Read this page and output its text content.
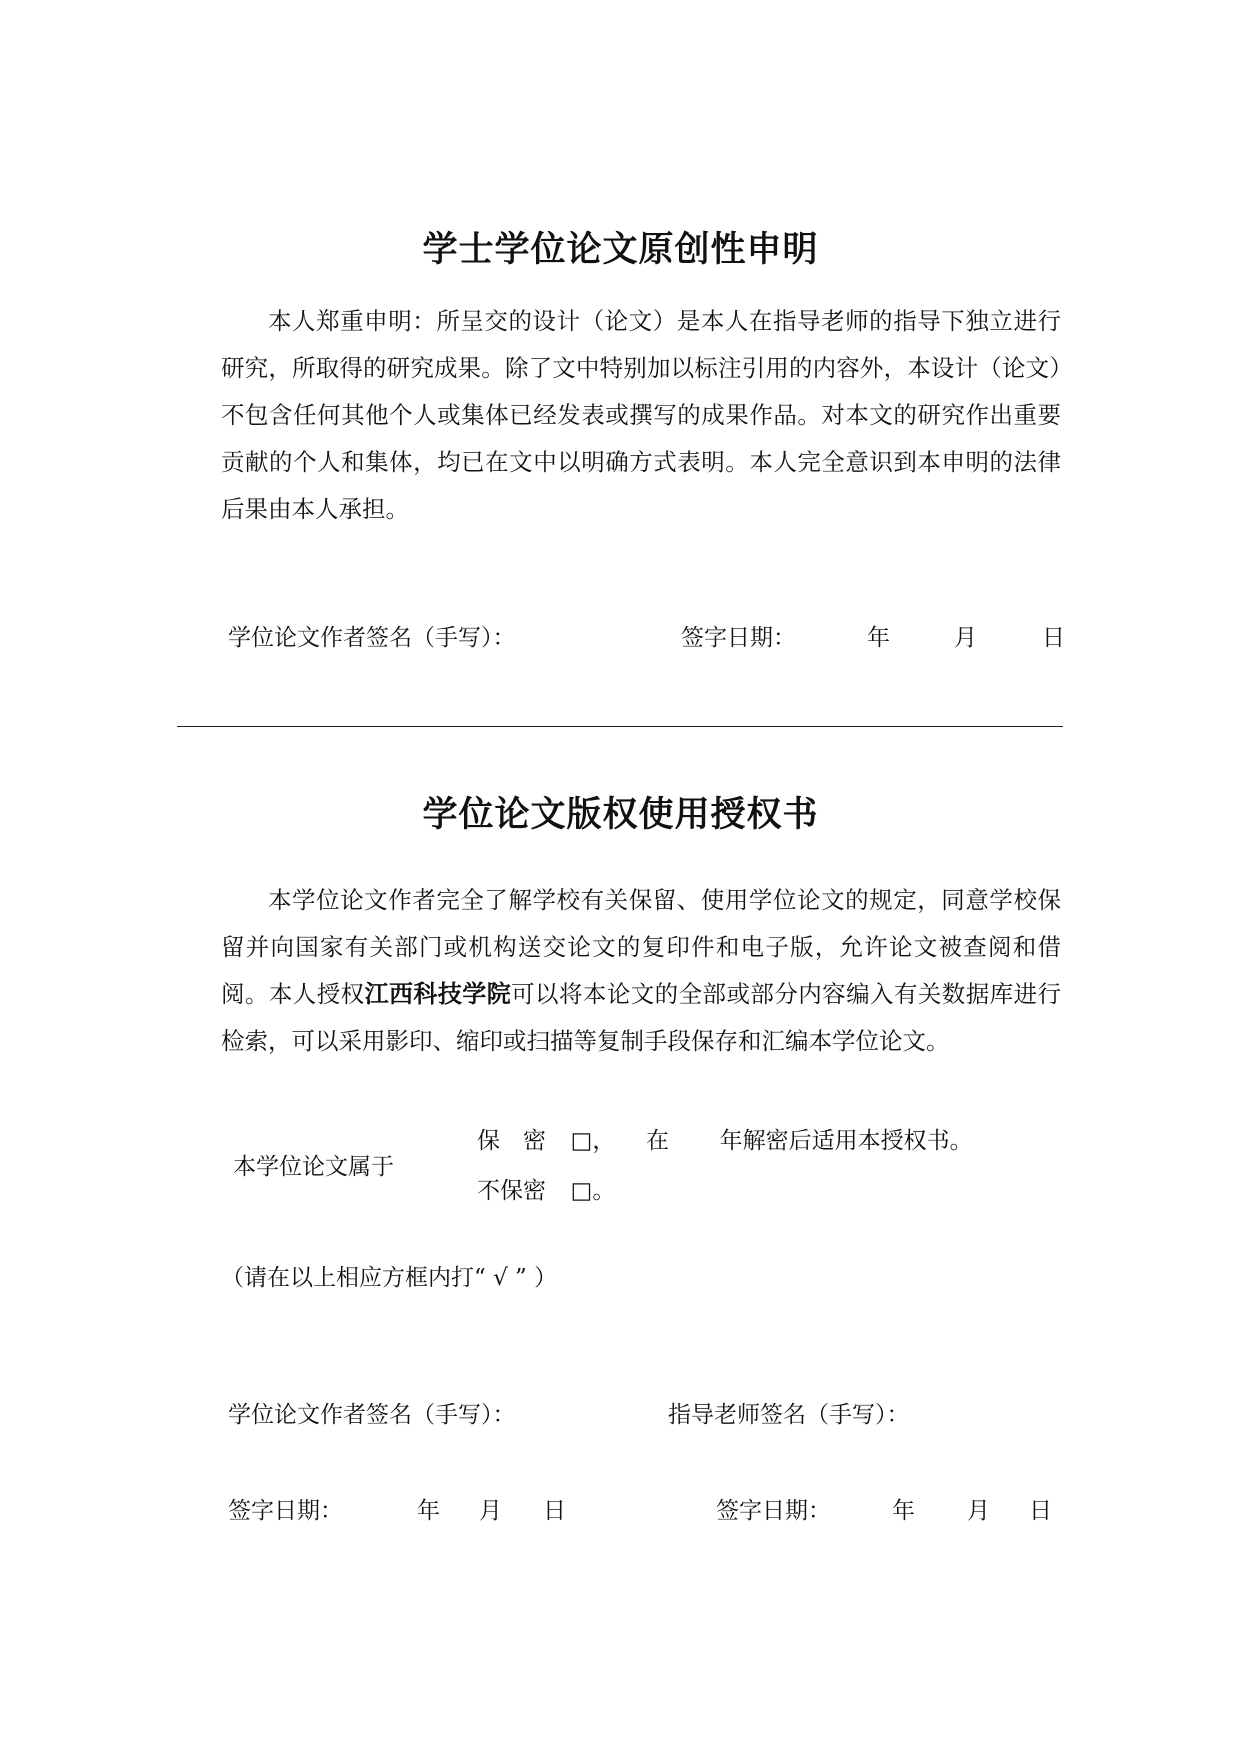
学士学位论文原创性申明

本人郑重申明：所呈交的设计（论文）是本人在指导老师的指导下独立进行研究，所取得的研究成果。除了文中特别加以标注引用的内容外，本设计（论文）不包含任何其他个人或集体已经发表或撰写的成果作品。对本文的研究作出重要贡献的个人和集体，均已在文中以明确方式表明。本人完全意识到本申明的法律后果由本人承担。

学位论文作者签名（手写）：	签字日期：	年	月	日
学位论文版权使用授权书

本学位论文作者完全了解学校有关保留、使用学位论文的规定，同意学校保留并向国家有关部门或机构送交论文的复印件和电子版，允许论文被查阅和借阅。本人授权江西科技学院可以将本论文的全部或部分内容编入有关数据库进行检索，可以采用影印、缩印或扫描等复制手段保存和汇编本学位论文。

本学位论文属于
保　密 □， 在 年解密后适用本授权书。
不保密 □。
（请在以上相应方框内打“ √ ” ）
学位论文作者签名（手写）：	指导老师签名（手写）：
签字日期：	年 月 日	签字日期：	年 月 日
